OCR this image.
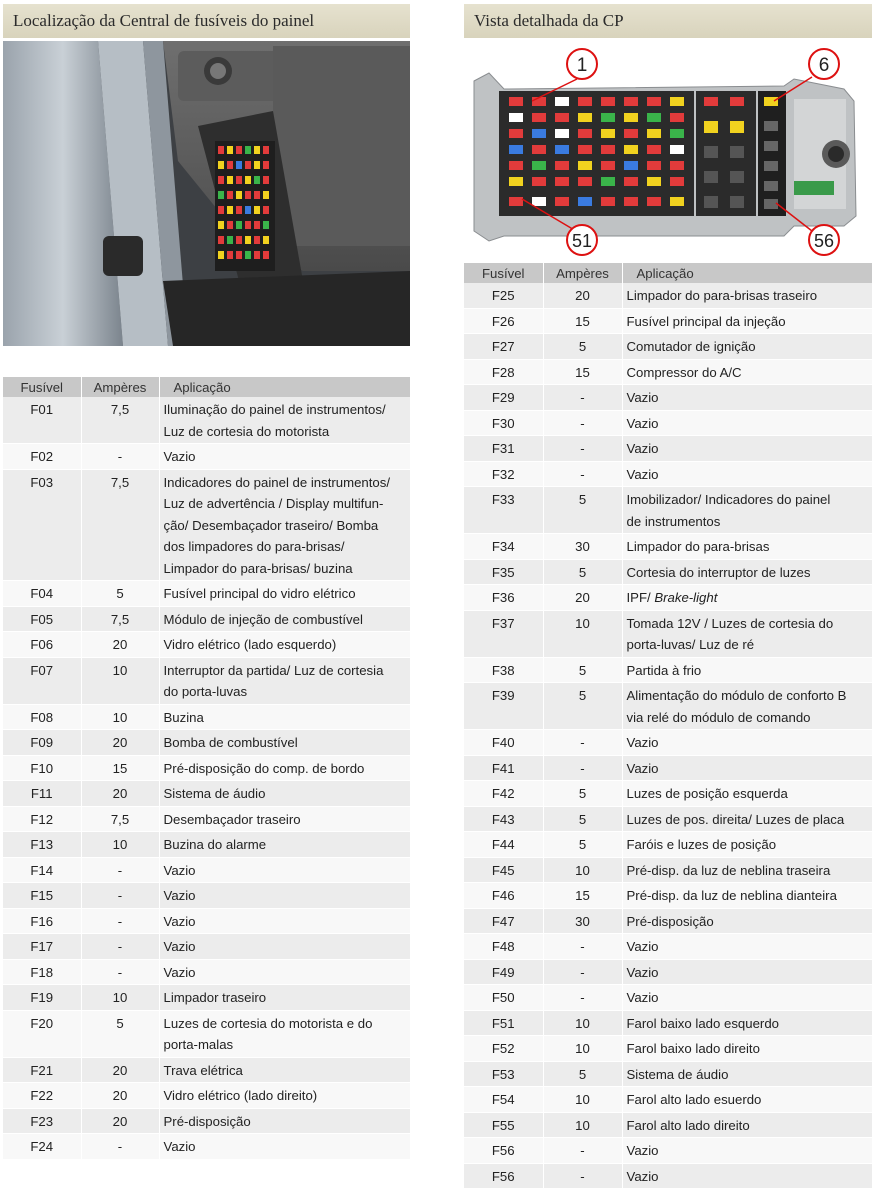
Localização da Central de fusíveis do painel	Vista detalhada da CP
1	6
51	56
Fusível	Ampères	Aplicação
F01	7,5	Iluminação do painel de instrumentos/
Luz de cortesia do motorista

F02	-	Vazio

F03	7,5	Indicadores do painel de instrumentos/
Luz de advertência / Display multifun-
ção/ Desembaçador traseiro/ Bomba
dos limpadores do para-brisas/
Limpador do para-brisas/ buzina

F04	5	Fusível principal do vidro elétrico

F05	7,5	Módulo de injeção de combustível

F06	20	Vidro elétrico (lado esquerdo)

F07	10	Interruptor da partida/ Luz de cortesia
do porta-luvas

F08	10	Buzina

F09	20	Bomba de combustível

F10	15	Pré-disposição do comp. de bordo

F11	20	Sistema de áudio

F12	7,5	Desembaçador traseiro

F13	10	Buzina do alarme

F14	-	Vazio

F15	-	Vazio

F16	-	Vazio

F17	-	Vazio

F18	-	Vazio

F19	10	Limpador traseiro

F20	5	Luzes de cortesia do motorista e do
porta-malas

F21	20	Trava elétrica

F22	20	Vidro elétrico (lado direito)

F23	20	Pré-disposição

F24	-	Vazio
Fusível	Ampères	Aplicação
F25	20	Limpador do para-brisas traseiro

F26	15	Fusível principal da injeção

F27	5	Comutador de ignição

F28	15	Compressor do A/C

F29	-	Vazio

F30	-	Vazio

F31	-	Vazio

F32	-	Vazio

F33	5	Imobilizador/ Indicadores do painel
de instrumentos

F34	30	Limpador do para-brisas

F35	5	Cortesia do interruptor de luzes

F36	20	IPF/ Brake-light

F37	10	Tomada 12V / Luzes de cortesia do
porta-luvas/ Luz de ré

F38	5	Partida à frio

F39	5	Alimentação do módulo de conforto B
via relé do módulo de comando

F40	-	Vazio

F41	-	Vazio

F42	5	Luzes de posição esquerda

F43	5	Luzes de pos. direita/ Luzes de placa

F44	5	Faróis e luzes de posição

F45	10	Pré-disp. da luz de neblina traseira

F46	15	Pré-disp. da luz de neblina dianteira

F47	30	Pré-disposição

F48	-	Vazio

F49	-	Vazio

F50	-	Vazio

F51	10	Farol baixo lado esquerdo

F52	10	Farol baixo lado direito

F53	5	Sistema de áudio

F54	10	Farol alto lado esuerdo

F55	10	Farol alto lado direito

F56	-	Vazio

F56	-	Vazio
